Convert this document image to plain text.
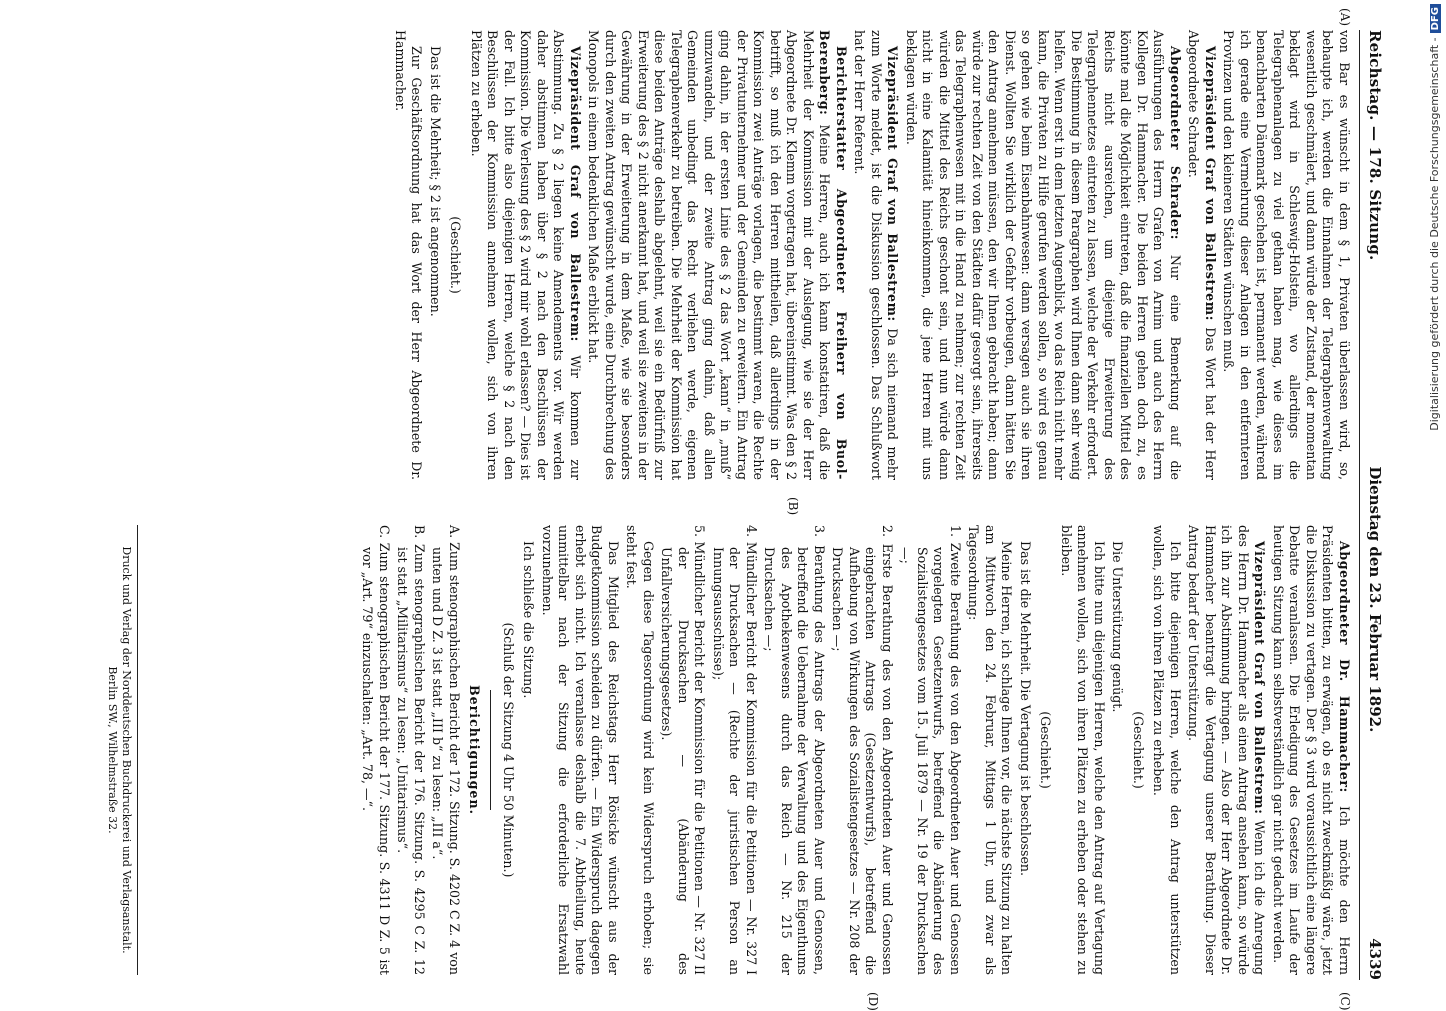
Reichstag. — 178. Sitzung.
Dienstag den 23. Februar 1892.
4339
(A)
(B)
(C)
(D)

von Bar es wünscht in dem § 1, Privaten überlassen wird, so, behaupte ich, werden die Einnahmen der Telegraphenverwaltung wesentlich geschmälert, und dann würde der Zustand, der momentan beklagt wird in Schleswig-Holstein, wo allerdings die Telegraphenanlagen zu viel gethan haben mag, wie dieses im benachbarten Dänemark geschehen ist, permanent werden, während ich gerade eine Vermehrung dieser Anlagen in den entfernteren Provinzen und den kleineren Städten wünschen muß.

Vizepräsident Graf von Ballestrem: Das Wort hat der Herr Abgeordnete Schrader.

Abgeordneter Schrader: Nur eine Bemerkung auf die Ausführungen des Herrn Grafen von Arnim und auch des Herrn Kollegen Dr. Hammacher. Die beiden Herren gehen doch zu, es könnte mal die Möglichkeit eintreten, daß die finanziellen Mittel des Reichs nicht ausreichen, um diejenige Erweiterung des Telegraphennetzes eintreten zu lassen, welche der Verkehr erfordert. Die Bestimmung in diesem Paragraphen wird Ihnen dann sehr wenig helfen. Wenn erst in dem letzten Augenblick, wo das Reich nicht mehr kann, die Privaten zu Hilfe gerufen werden sollen, so wird es genau so gehen wie beim Eisenbahnwesen: dann versagen auch sie ihren Dienst. Wollten Sie wirklich der Gefahr vorbeugen, dann hätten Sie den Antrag annehmen müssen, den wir Ihnen gebracht haben; dann würde zur rechten Zeit von den Städten dafür gesorgt sein, ihrerseits das Telegraphenwesen mit in die Hand zu nehmen; zur rechten Zeit würden die Mittel des Reichs geschont sein, und nun würde dann nicht in eine Kalamität hineinkommen, die jene Herren mit uns beklagen würden.

Vizepräsident Graf von Ballestrem: Da sich niemand mehr zum Worte meldet, ist die Diskussion geschlossen. Das Schlußwort hat der Herr Referent.

Berichterstatter Abgeordneter Freiherr von Buol-Berenberg: Meine Herren, auch ich kann konstatiren, daß die Mehrheit der Kommission mit der Auslegung, wie sie der Herr Abgeordnete Dr. Klemm vorgetragen hat, übereinstimmt. Was den § 2 betrifft, so muß ich den Herren mittheilen, daß allerdings in der Kommission zwei Anträge vorlagen, die bestimmt waren, die Rechte der Privatunternehmer und der Gemeinden zu erweitern. Ein Antrag ging dahin, in der ersten Linie des § 2 das Wort „kann“ in „muß“ umzuwandeln, und der zweite Antrag ging dahin, daß allen Gemeinden unbedingt das Recht verliehen werde, eigenen Telegraphenverkehr zu betreiben. Die Mehrheit der Kommission hat diese beiden Anträge deshalb abgelehnt, weil sie ein Bedürfniß zur Erweiterung des § 2 nicht anerkannt hat, und weil sie zweitens in der Gewährung in der Erweiterung in dem Maße, wie sie besonders durch den zweiten Antrag gewünscht wurde, eine Durchbrechung des Monopols in einem bedenklichen Maße erblickt hat.

Vizepräsident Graf von Ballestrem: Wir kommen zur Abstimmung. Zu § 2 liegen keine Amendements vor. Wir werden daher abstimmen haben über § 2 nach den Beschlüssen der Kommission. Die Verlesung des § 2 wird mir wohl erlassen? — Dies ist der Fall. Ich bitte also diejenigen Herren, welche § 2 nach den Beschlüssen der Kommission annehmen wollen, sich von ihren Plätzen zu erheben.

(Geschieht.)

Das ist die Mehrheit; § 2 ist angenommen.

Zur Geschäftsordnung hat das Wort der Herr Abgeordnete Dr. Hammacher.

Abgeordneter Dr. Hammacher: Ich möchte den Herrn Präsidenten bitten, zu erwägen, ob es nicht zweckmäßig wäre, jetzt die Diskussion zu vertagen. Der § 3 wird voraussichtlich eine längere Debatte veranlassen. Die Erledigung des Gesetzes im Laufe der heutigen Sitzung kann selbstverständlich gar nicht gedacht werden.

Vizepräsident Graf von Ballestrem: Wenn ich die Anregung des Herrn Dr. Hammacher als einen Antrag ansehen kann, so würde ich ihn zur Abstimmung bringen. — Also der Herr Abgeordnete Dr. Hammacher beantragt die Vertagung unserer Berathung. Dieser Antrag bedarf der Unterstützung.

Ich bitte diejenigen Herren, welche den Antrag unterstützen wollen, sich von ihren Plätzen zu erheben.

(Geschieht.)

Die Unterstützung genügt.

Ich bitte nun diejenigen Herren, welche den Antrag auf Vertagung annehmen wollen, sich von ihren Plätzen zu erheben oder stehen zu bleiben.

(Geschieht.)

Das ist die Mehrheit. Die Vertagung ist beschlossen.

Meine Herren, ich schlage Ihnen vor, die nächste Sitzung zu halten am Mittwoch den 24. Februar, Mittags 1 Uhr, und zwar als Tagesordnung:

1. Zweite Berathung des von den Abgeordneten Auer und Genossen vorgelegten Gesetzentwurfs, betreffend die Abänderung des Sozialistengesetzes vom 15. Juli 1879 — Nr. 19 der Drucksachen —;

2. Erste Berathung des von den Abgeordneten Auer und Genossen eingebrachten Antrags (Gesetzentwurfs), betreffend die Aufhebung von Wirkungen des Sozialistengesetzes — Nr. 208 der Drucksachen —;

3. Berathung des Antrags der Abgeordneten Auer und Genossen, betreffend die Uebernahme der Verwaltung und des Eigenthums des Apothekenwesens durch das Reich — Nr. 215 der Drucksachen —;

4. Mündlicher Bericht der Kommission für die Petitionen — Nr. 327 I der Drucksachen — (Rechte der juristischen Person an Innungsausschüsse);

5. Mündlicher Bericht der Kommission für die Petitionen — Nr. 327 II der Drucksachen — (Abänderung des Unfallversicherungsgesetzes).

Gegen diese Tagesordnung wird kein Widerspruch erhoben; sie steht fest.

Das Mitglied des Reichstags Herr Rösicke wünscht aus der Budgetkommission scheiden zu dürfen. — Ein Widerspruch dagegen erhebt sich nicht. Ich veranlasse deshalb die 7. Abtheilung, heute unmittelbar nach der Sitzung die erforderliche Ersatzwahl vorzunehmen.

Ich schließe die Sitzung.

(Schluß der Sitzung 4 Uhr 50 Minuten.)

Berichtigungen.

A. Zum stenographischen Bericht der 172. Sitzung. S. 4202 C Z. 4 von unten und D Z. 3 ist statt „III b“ zu lesen: „III a“.

B. Zum stenographischen Bericht der 176. Sitzung. S. 4295 C Z. 12 ist statt „Militarismus“ zu lesen: „Unitarismus“.

C. Zum stenographischen Bericht der 177. Sitzung. S. 4311 D Z. 5 ist vor „Art. 79“ einzuschalten: „Art. 78, —“.

Druck und Verlag der Norddeutschen Buchdruckerei und Verlagsanstalt.
Berlin SW., Wilhelmstraße 32.
Digitalisierung gefördert durch die Deutsche Forschungsgemeinschaft -DFG
